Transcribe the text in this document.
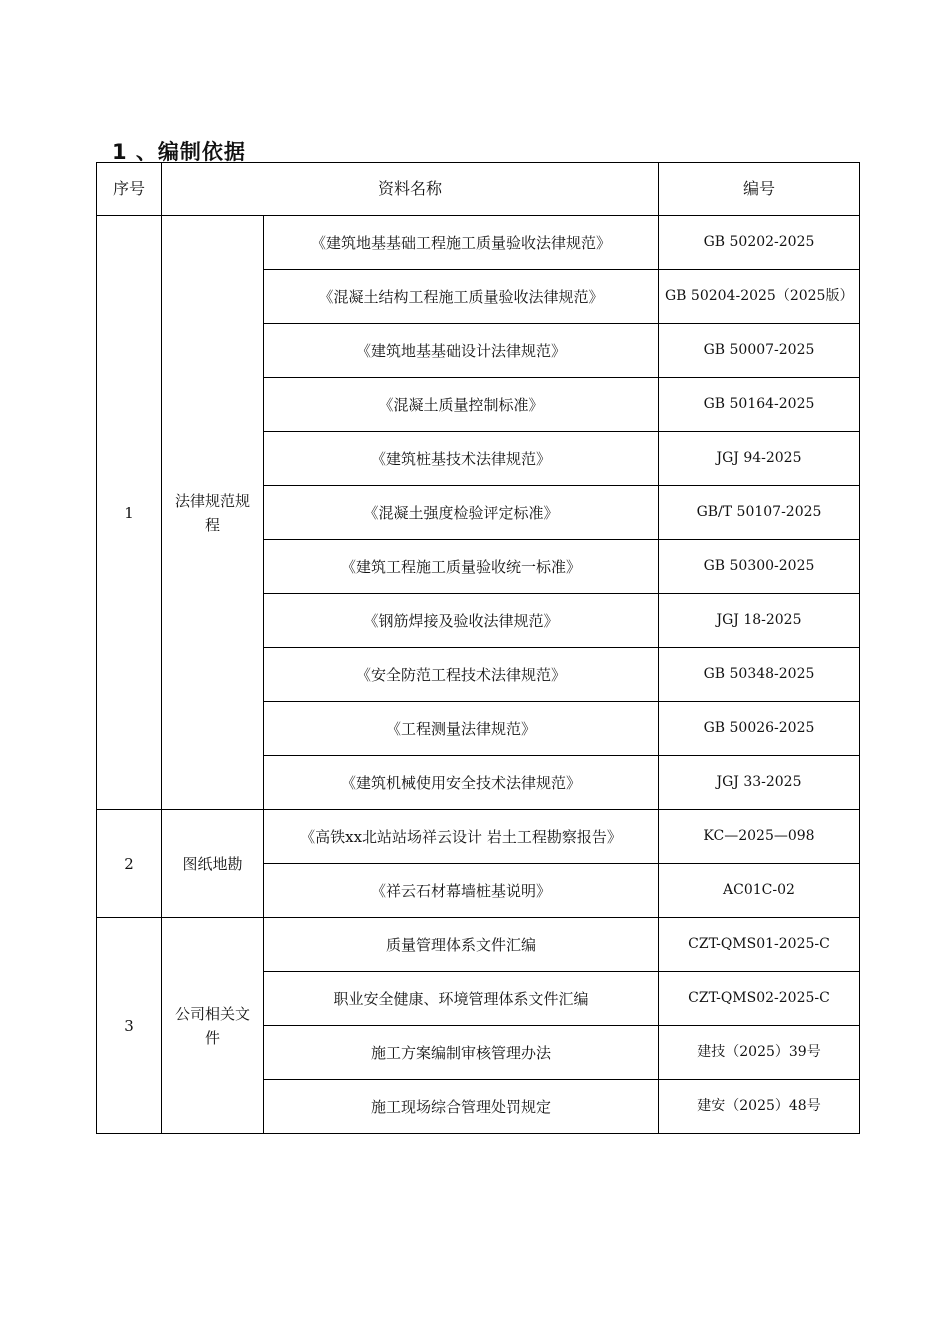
1 、编制依据
序号	资料名称		编号
1	法律规范规程	《建筑地基基础工程施工质量验收法律规范》	GB 50202-2025
		《混凝土结构工程施工质量验收法律规范》	GB 50204-2025（2025版）
		《建筑地基基础设计法律规范》	GB 50007-2025
		《混凝土质量控制标准》	GB 50164-2025
		《建筑桩基技术法律规范》	JGJ 94-2025
		《混凝土强度检验评定标准》	GB/T 50107-2025
		《建筑工程施工质量验收统一标准》	GB 50300-2025
		《钢筋焊接及验收法律规范》	JGJ 18-2025
		《安全防范工程技术法律规范》	GB 50348-2025
		《工程测量法律规范》	GB 50026-2025
		《建筑机械使用安全技术法律规范》	JGJ 33-2025
2	图纸地勘	《高铁xx北站站场祥云设计 岩土工程勘察报告》	KC—2025—098
		《祥云石材幕墙桩基说明》	AC01C-02
3	公司相关文件	质量管理体系文件汇编	CZT-QMS01-2025-C
		职业安全健康、环境管理体系文件汇编	CZT-QMS02-2025-C
		施工方案编制审核管理办法	建技（2025）39号
		施工现场综合管理处罚规定	建安（2025）48号
